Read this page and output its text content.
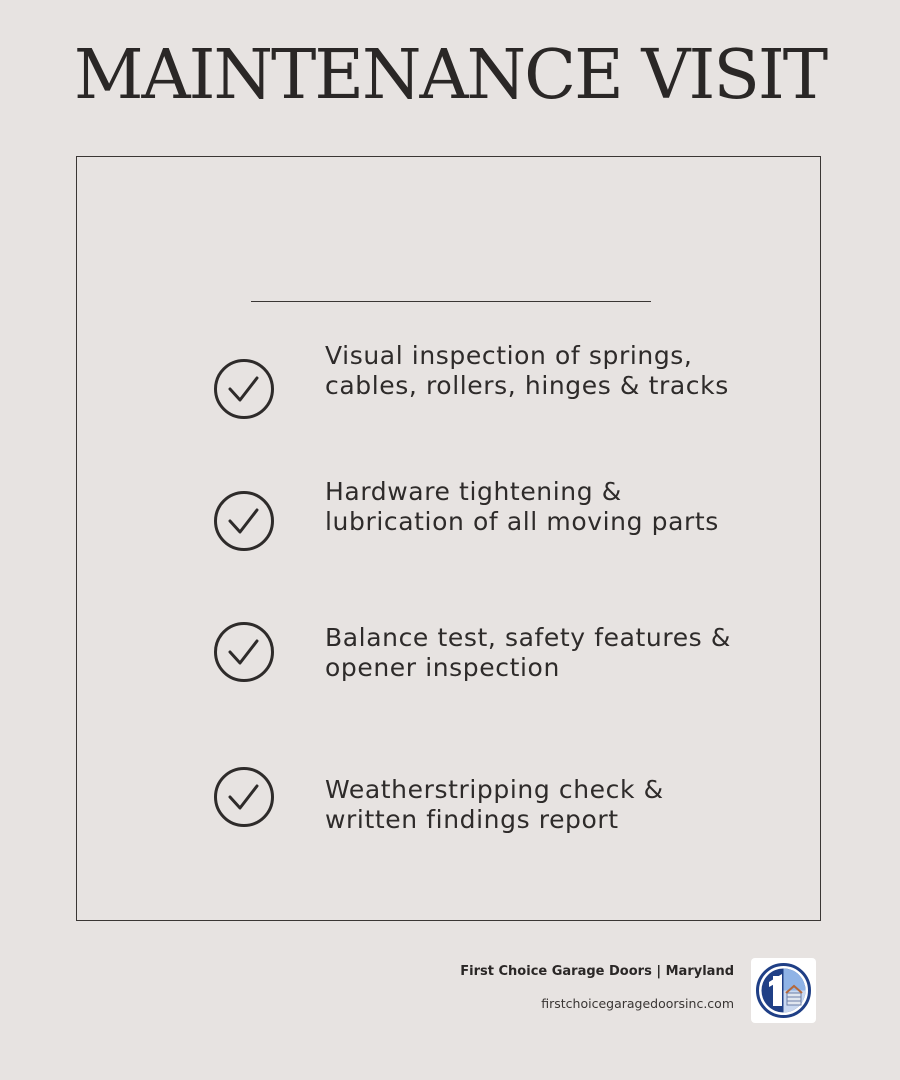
MAINTENANCE VISIT
Visual inspection of springs, cables, rollers, hinges & tracks
Hardware tightening & lubrication of all moving parts
Balance test, safety features & opener inspection
Weatherstripping check & written findings report
First Choice Garage Doors | Maryland
firstchoicegaragedoorsinc.com
